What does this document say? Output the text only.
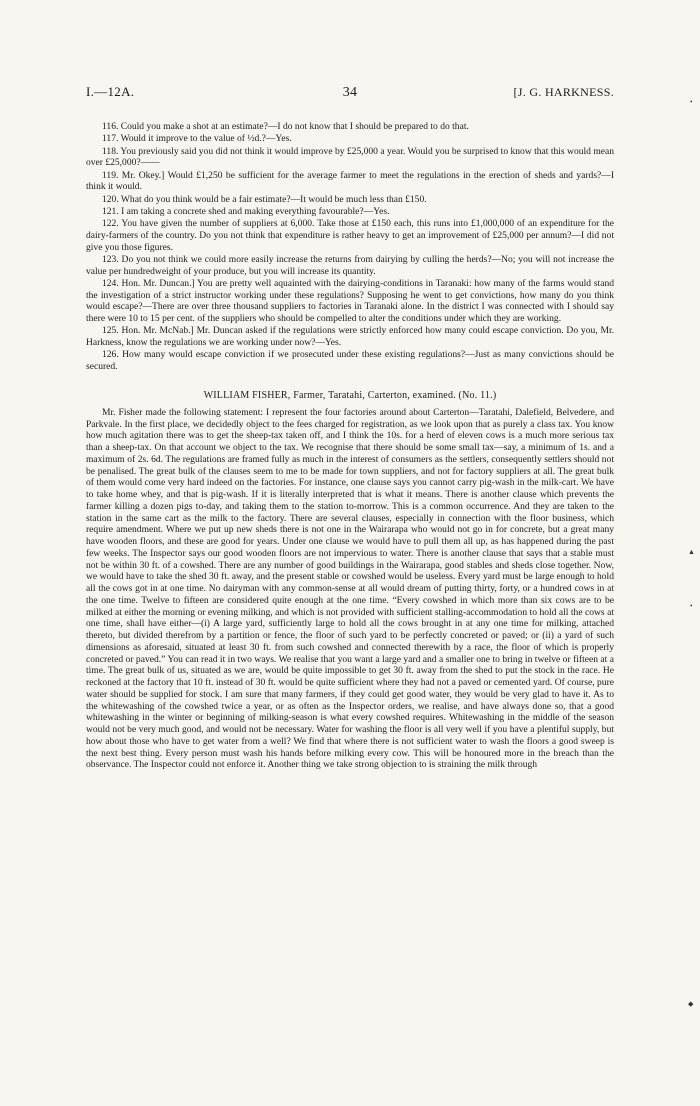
I.—12A.	34	[J. G. HARKNESS.

116. Could you make a shot at an estimate?—I do not know that I should be prepared to do that.

117. Would it improve to the value of ½d.?—Yes.

118. You previously said you did not think it would improve by £25,000 a year. Would you be surprised to know that this would mean over £25,000?——

119. Mr. Okey.] Would £1,250 be sufficient for the average farmer to meet the regulations in the erection of sheds and yards?—I think it would.

120. What do you think would be a fair estimate?—It would be much less than £150.

121. I am taking a concrete shed and making everything favourable?—Yes.

122. You have given the number of suppliers at 6,000. Take those at £150 each, this runs into £1,000,000 of an expenditure for the dairy-farmers of the country. Do you not think that expenditure is rather heavy to get an improvement of £25,000 per annum?—I did not give you those figures.

123. Do you not think we could more easily increase the returns from dairying by culling the herds?—No; you will not increase the value per hundredweight of your produce, but you will increase its quantity.

124. Hon. Mr. Duncan.] You are pretty well aquainted with the dairying-conditions in Taranaki: how many of the farms would stand the investigation of a strict instructor working under these regulations? Supposing he went to get convictions, how many do you think would escape?—There are over three thousand suppliers to factories in Taranaki alone. In the district I was connected with I should say there were 10 to 15 per cent. of the suppliers who should be compelled to alter the conditions under which they are working.

125. Hon. Mr. McNab.] Mr. Duncan asked if the regulations were strictly enforced how many could escape conviction. Do you, Mr. Harkness, know the regulations we are working under now?—Yes.

126. How many would escape conviction if we prosecuted under these existing regulations?—Just as many convictions should be secured.

WILLIAM FISHER, Farmer, Taratahi, Carterton, examined. (No. 11.)

Mr. Fisher made the following statement: I represent the four factories around about Carterton—Taratahi, Dalefield, Belvedere, and Parkvale. In the first place, we decidedly object to the fees charged for registration, as we look upon that as purely a class tax. You know how much agitation there was to get the sheep-tax taken off, and I think the 10s. for a herd of eleven cows is a much more serious tax than a sheep-tax. On that account we object to the tax. We recognise that there should be some small tax—say, a minimum of 1s. and a maximum of 2s. 6d. The regulations are framed fully as much in the interest of consumers as the settlers, consequently settlers should not be penalised. The great bulk of the clauses seem to me to be made for town suppliers, and not for factory suppliers at all. The great bulk of them would come very hard indeed on the factories. For instance, one clause says you cannot carry pig-wash in the milk-cart. We have to take home whey, and that is pig-wash. If it is literally interpreted that is what it means. There is another clause which prevents the farmer killing a dozen pigs to-day, and taking them to the station to-morrow. This is a common occurrence. And they are taken to the station in the same cart as the milk to the factory. There are several clauses, especially in connection with the floor business, which require amendment. Where we put up new sheds there is not one in the Wairarapa who would not go in for concrete, but a great many have wooden floors, and these are good for years. Under one clause we would have to pull them all up, as has happened during the past few weeks. The Inspector says our good wooden floors are not impervious to water. There is another clause that says that a stable must not be within 30 ft. of a cowshed. There are any number of good buildings in the Wairarapa, good stables and sheds close together. Now, we would have to take the shed 30 ft. away, and the present stable or cowshed would be useless. Every yard must be large enough to hold all the cows got in at one time. No dairyman with any common-sense at all would dream of putting thirty, forty, or a hundred cows in at the one time. Twelve to fifteen are considered quite enough at the one time. “Every cowshed in which more than six cows are to be milked at either the morning or evening milking, and which is not provided with sufficient stalling-accommodation to hold all the cows at one time, shall have either—(i) A large yard, sufficiently large to hold all the cows brought in at any one time for milking, attached thereto, but divided therefrom by a partition or fence, the floor of such yard to be perfectly concreted or paved; or (ii) a yard of such dimensions as aforesaid, situated at least 30 ft. from such cowshed and connected therewith by a race, the floor of which is properly concreted or paved.” You can read it in two ways. We realise that you want a large yard and a smaller one to bring in twelve or fifteen at a time. The great bulk of us, situated as we are, would be quite impossible to get 30 ft. away from the shed to put the stock in the race. He reckoned at the factory that 10 ft. instead of 30 ft. would be quite sufficient where they had not a paved or cemented yard. Of course, pure water should be supplied for stock. I am sure that many farmers, if they could get good water, they would be very glad to have it. As to the whitewashing of the cowshed twice a year, or as often as the Inspector orders, we realise, and have always done so, that a good whitewashing in the winter or beginning of milking-season is what every cowshed requires. Whitewashing in the middle of the season would not be very much good, and would not be necessary. Water for washing the floor is all very well if you have a plentiful supply, but how about those who have to get water from a well? We find that where there is not sufficient water to wash the floors a good sweep is the next best thing. Every person must wash his hands before milking every cow. This will be honoured more in the breach than the observance. The Inspector could not enforce it. Another thing we take strong objection to is straining the milk through

•
▲
•
◆
